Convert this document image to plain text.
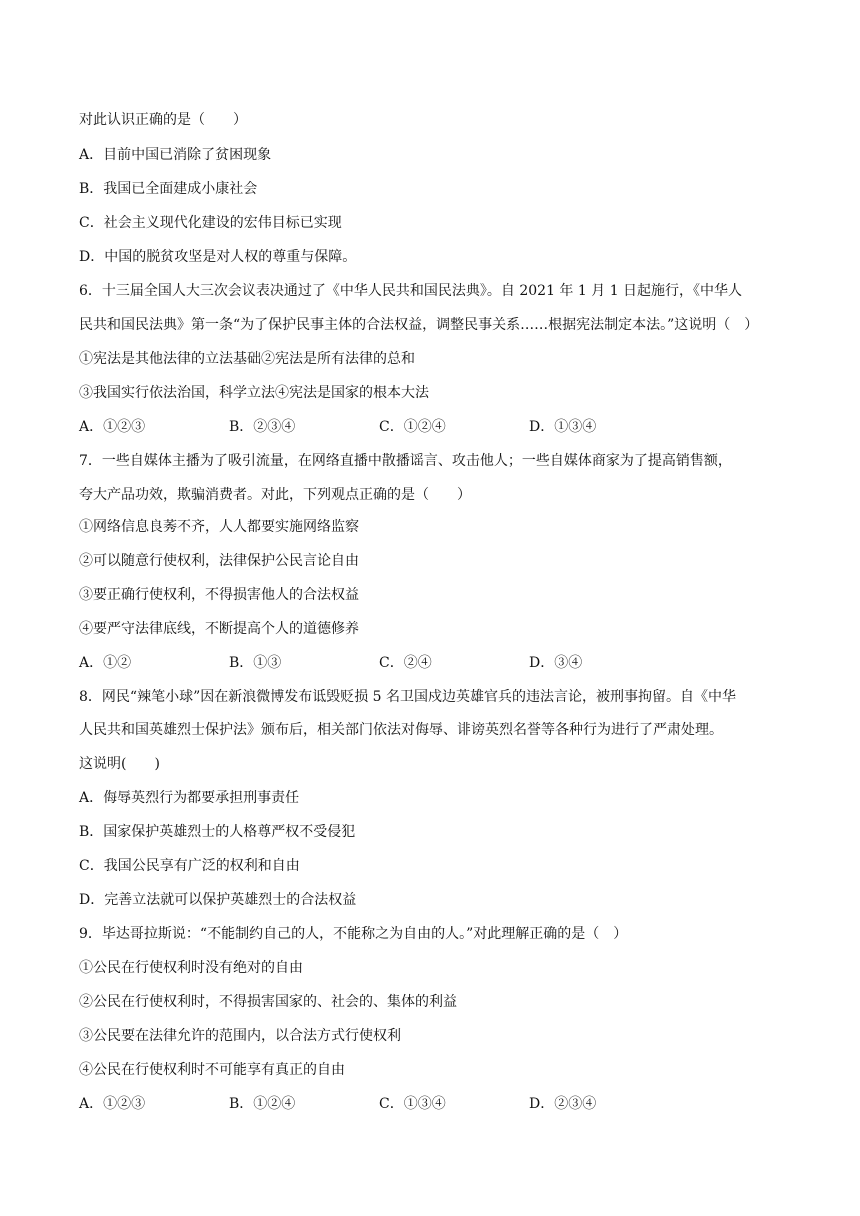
对此认识正确的是（　　）
A．目前中国已消除了贫困现象
B．我国已全面建成小康社会
C．社会主义现代化建设的宏伟目标已实现
D．中国的脱贫攻坚是对人权的尊重与保障。
6．十三届全国人大三次会议表决通过了《中华人民共和国民法典》。自 2021 年 1 月 1 日起施行，《中华人
民共和国民法典》第一条“为了保护民事主体的合法权益，调整民事关系……根据宪法制定本法。”这说明（　）
①宪法是其他法律的立法基础②宪法是所有法律的总和
③我国实行依法治国，科学立法④宪法是国家的根本大法
A．①②③	B．②③④	C．①②④	D．①③④
7．一些自媒体主播为了吸引流量，在网络直播中散播谣言、攻击他人；一些自媒体商家为了提高销售额，
夸大产品功效，欺骗消费者。对此，下列观点正确的是（　　）
①网络信息良莠不齐，人人都要实施网络监察
②可以随意行使权利，法律保护公民言论自由
③要正确行使权利，不得损害他人的合法权益
④要严守法律底线，不断提高个人的道德修养
A．①②	B．①③	C．②④	D．③④
8．网民“辣笔小球”因在新浪微博发布诋毁贬损 5 名卫国戍边英雄官兵的违法言论，被刑事拘留。自《中华
人民共和国英雄烈士保护法》颁布后，相关部门依法对侮辱、诽谤英烈名誉等各种行为进行了严肃处理。
这说明(　　)
A．侮辱英烈行为都要承担刑事责任
B．国家保护英雄烈士的人格尊严权不受侵犯
C．我国公民享有广泛的权利和自由
D．完善立法就可以保护英雄烈士的合法权益
9．毕达哥拉斯说：“不能制约自己的人，不能称之为自由的人。”对此理解正确的是（　）
①公民在行使权利时没有绝对的自由
②公民在行使权利时，不得损害国家的、社会的、集体的利益
③公民要在法律允许的范围内，以合法方式行使权利
④公民在行使权利时不可能享有真正的自由
A．①②③	B．①②④	C．①③④	D．②③④
